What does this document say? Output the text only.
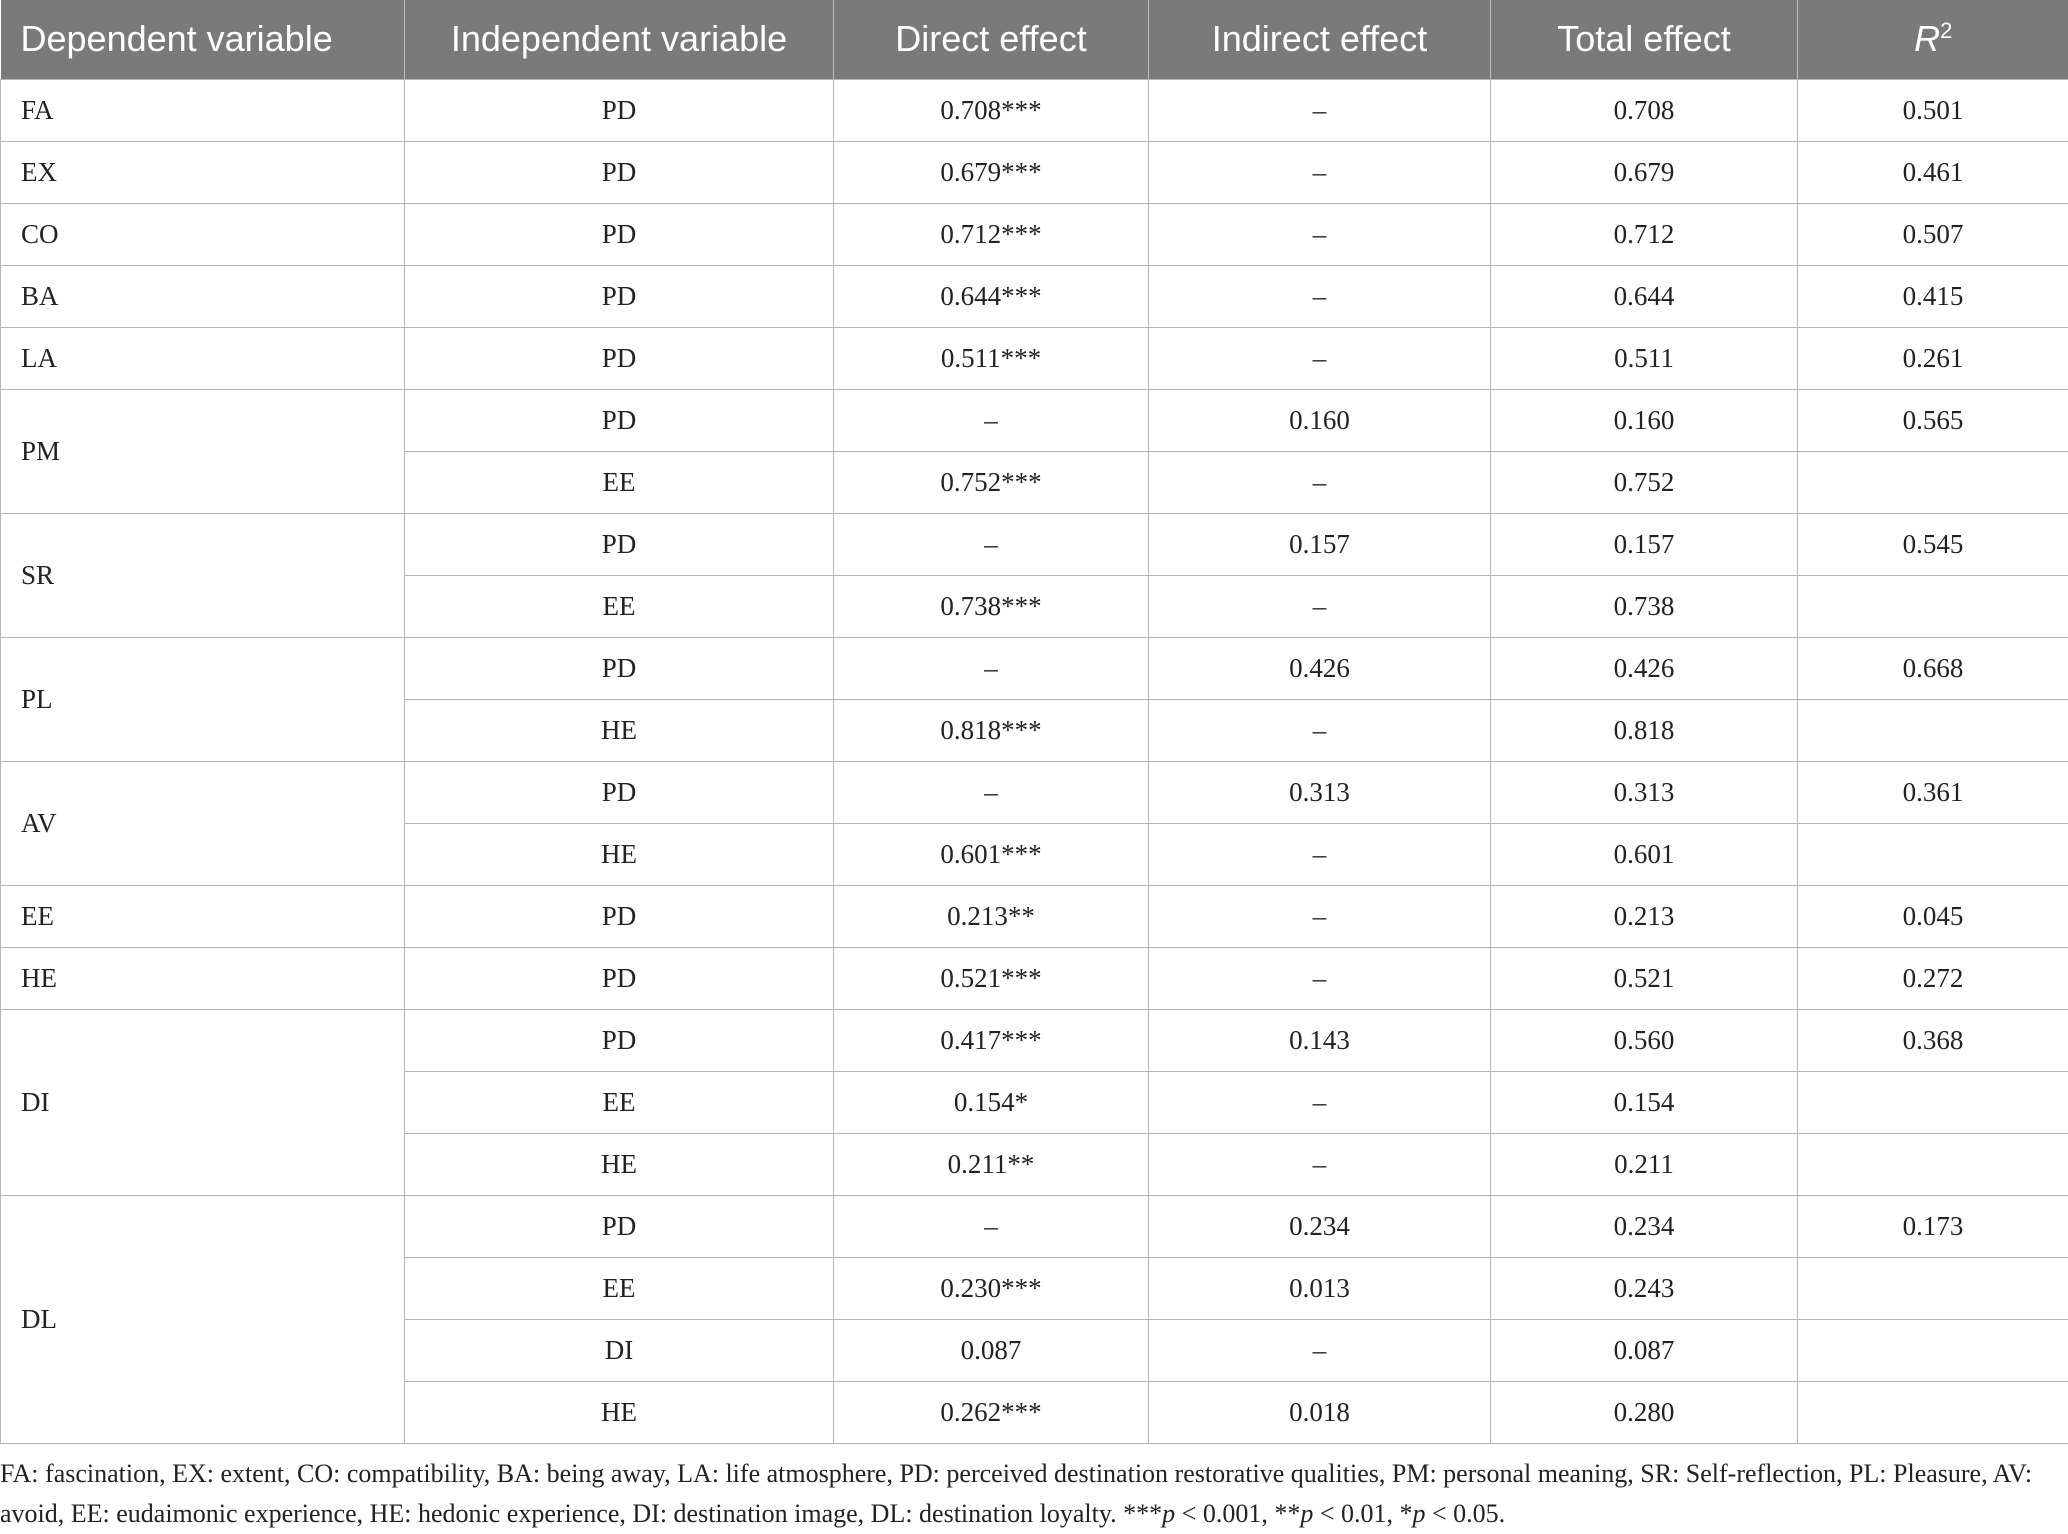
Dependent variable	Independent variable	Direct effect	Indirect effect	Total effect	$R^2$
FA	PD	0.708***	–	0.708	0.501
EX	PD	0.679***	–	0.679	0.461
CO	PD	0.712***	–	0.712	0.507
BA	PD	0.644***	–	0.644	0.415
LA	PD	0.511***	–	0.511	0.261
PM	PD	–	0.160	0.160	0.565
	EE	0.752***	–	0.752	
SR	PD	–	0.157	0.157	0.545
	EE	0.738***	–	0.738	
PL	PD	–	0.426	0.426	0.668
	HE	0.818***	–	0.818	
AV	PD	–	0.313	0.313	0.361
	HE	0.601***	–	0.601	
EE	PD	0.213**	–	0.213	0.045
HE	PD	0.521***	–	0.521	0.272
DI	PD	0.417***	0.143	0.560	0.368
	EE	0.154*	–	0.154	
	HE	0.211**	–	0.211	
DL	PD	–	0.234	0.234	0.173
	EE	0.230***	0.013	0.243	
	DI	0.087	–	0.087	
	HE	0.262***	0.018	0.280	
FA: fascination, EX: extent, CO: compatibility, BA: being away, LA: life atmosphere, PD: perceived destination restorative qualities, PM: personal meaning, SR: Self-reflection, PL: Pleasure, AV: avoid, EE: eudaimonic experience, HE: hedonic experience, DI: destination image, DL: destination loyalty. ***p < 0.001, **p < 0.01, *p < 0.05.
